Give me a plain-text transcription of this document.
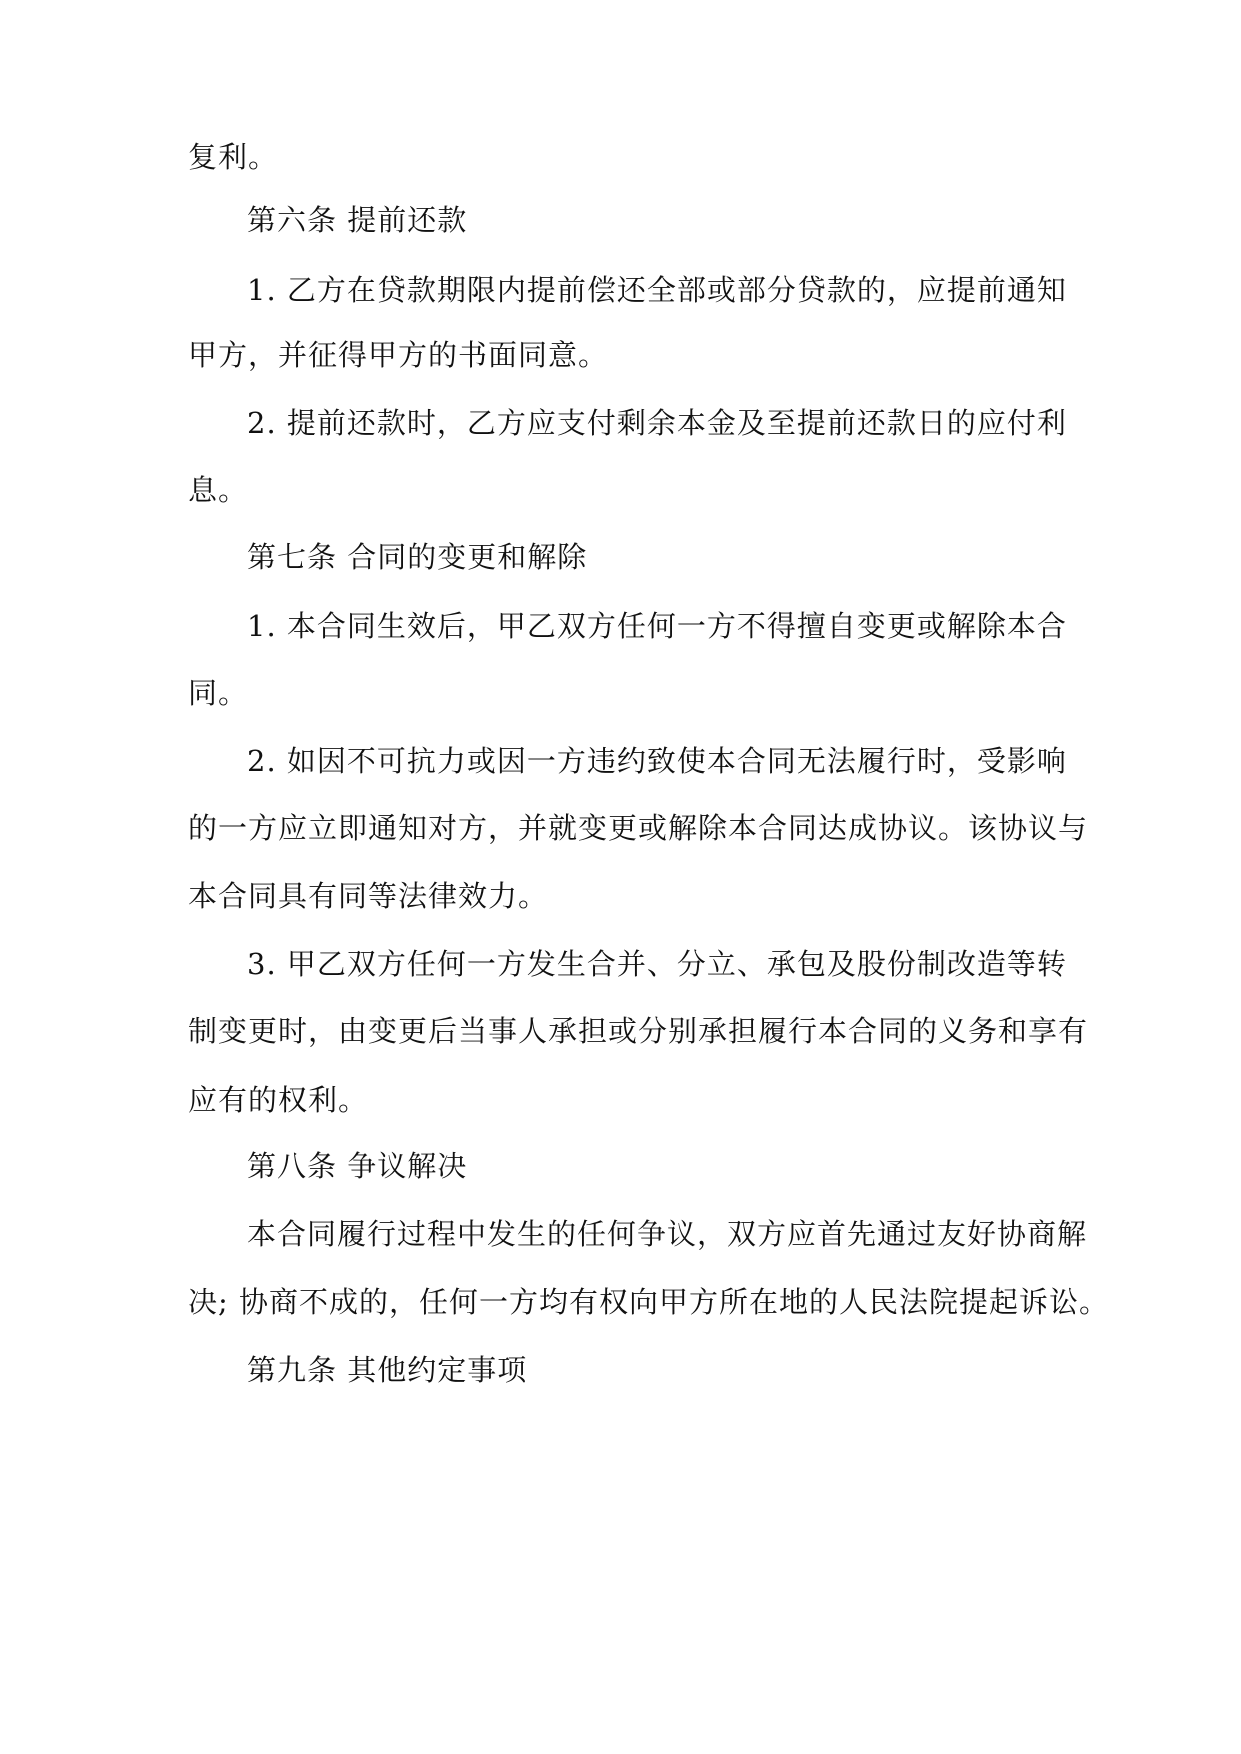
复利。
第六条 提前还款
1. 乙方在贷款期限内提前偿还全部或部分贷款的，应提前通知
甲方，并征得甲方的书面同意。
2. 提前还款时，乙方应支付剩余本金及至提前还款日的应付利
息。
第七条 合同的变更和解除
1. 本合同生效后，甲乙双方任何一方不得擅自变更或解除本合
同。
2. 如因不可抗力或因一方违约致使本合同无法履行时，受影响
的一方应立即通知对方，并就变更或解除本合同达成协议。该协议与
本合同具有同等法律效力。
3. 甲乙双方任何一方发生合并、分立、承包及股份制改造等转
制变更时，由变更后当事人承担或分别承担履行本合同的义务和享有
应有的权利。
第八条 争议解决
本合同履行过程中发生的任何争议，双方应首先通过友好协商解
决; 协商不成的，任何一方均有权向甲方所在地的人民法院提起诉讼。
第九条 其他约定事项
